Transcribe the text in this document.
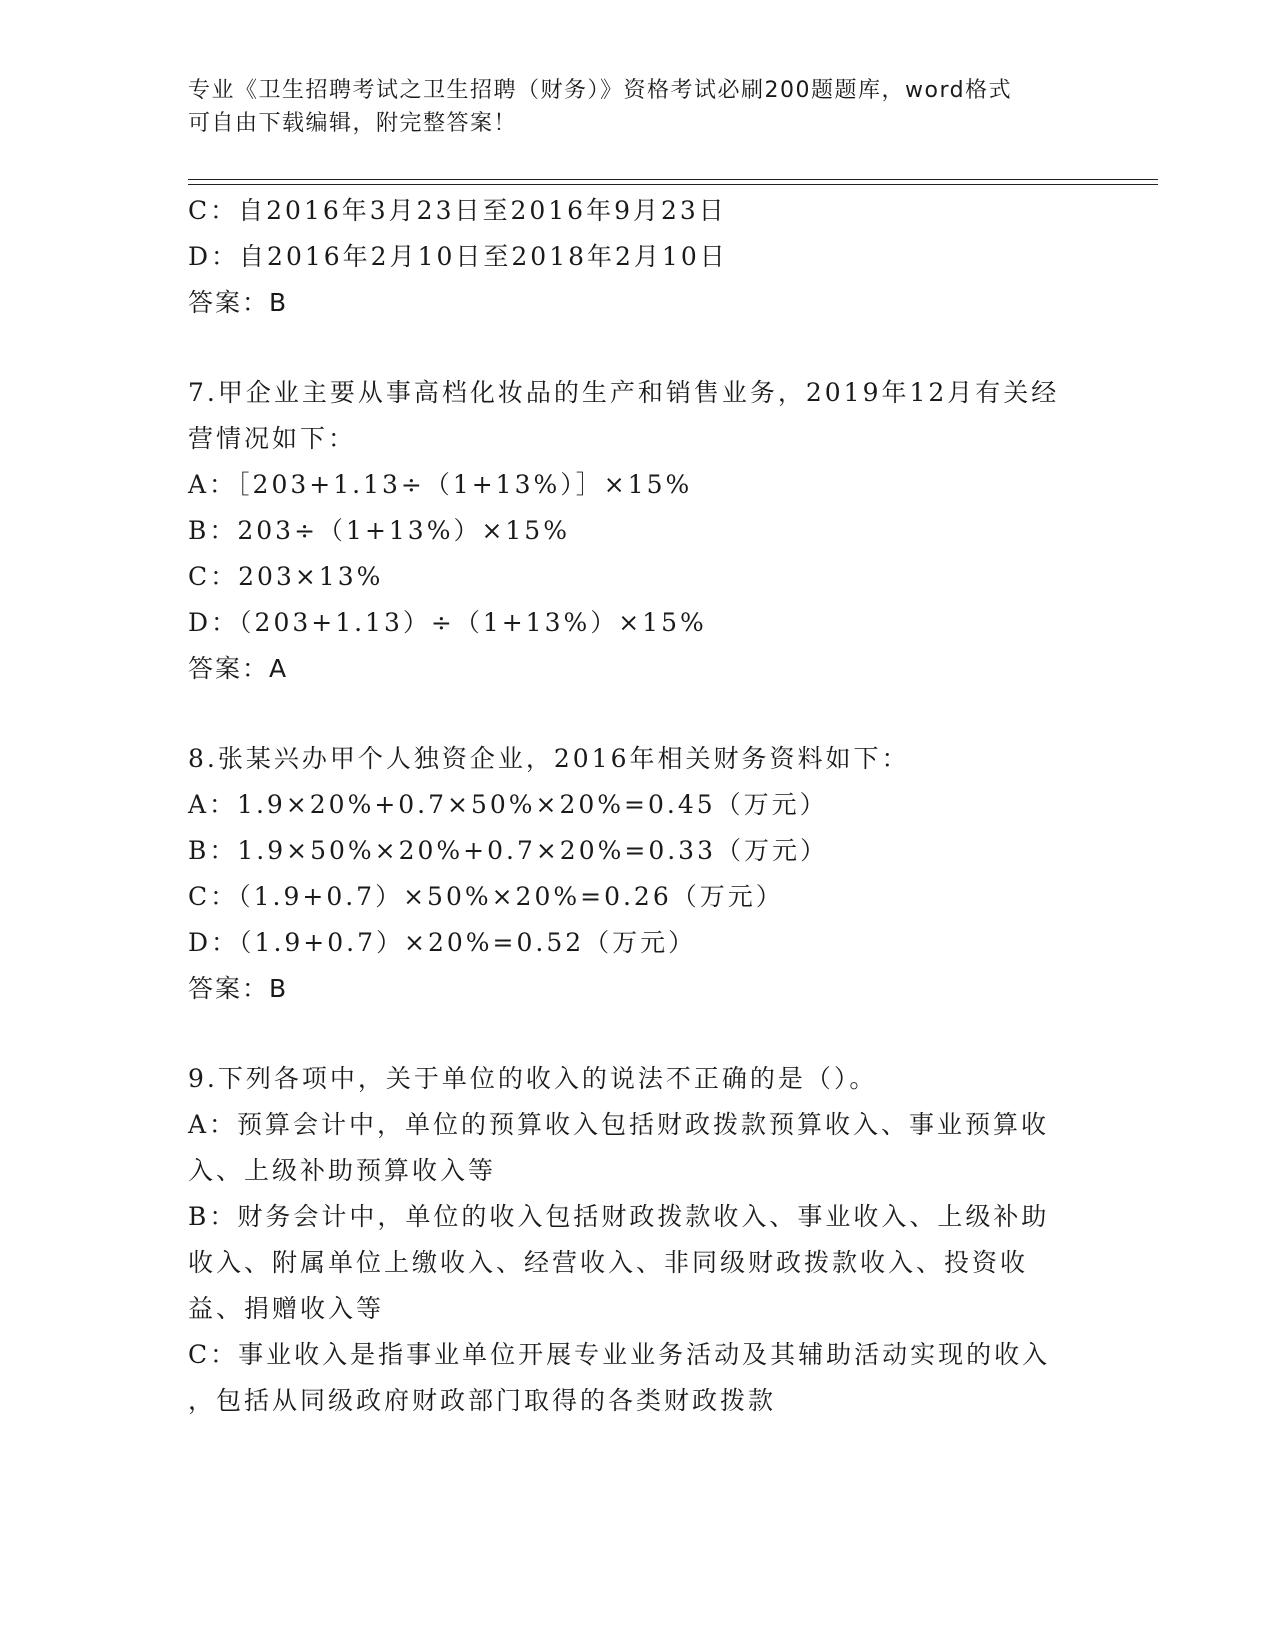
专业《卫生招聘考试之卫生招聘（财务）》资格考试必刷200题题库，word格式
可自由下载编辑，附完整答案！
C：自2016年3月23日至2016年9月23日
D：自2016年2月10日至2018年2月10日
答案：B
7.甲企业主要从事高档化妆品的生产和销售业务，2019年12月有关经
营情况如下：
A：［203+1.13÷（1+13%）］×15%
B：203÷（1+13%）×15%
C：203×13%
D：（203+1.13）÷（1+13%）×15%
答案：A
8.张某兴办甲个人独资企业，2016年相关财务资料如下：
A：1.9×20%+0.7×50%×20%=0.45（万元）
B：1.9×50%×20%+0.7×20%=0.33（万元）
C：（1.9+0.7）×50%×20%=0.26（万元）
D：（1.9+0.7）×20%=0.52（万元）
答案：B
9.下列各项中，关于单位的收入的说法不正确的是（）。
A：预算会计中，单位的预算收入包括财政拨款预算收入、事业预算收
入、上级补助预算收入等
B：财务会计中，单位的收入包括财政拨款收入、事业收入、上级补助
收入、附属单位上缴收入、经营收入、非同级财政拨款收入、投资收
益、捐赠收入等
C：事业收入是指事业单位开展专业业务活动及其辅助活动实现的收入
，包括从同级政府财政部门取得的各类财政拨款
